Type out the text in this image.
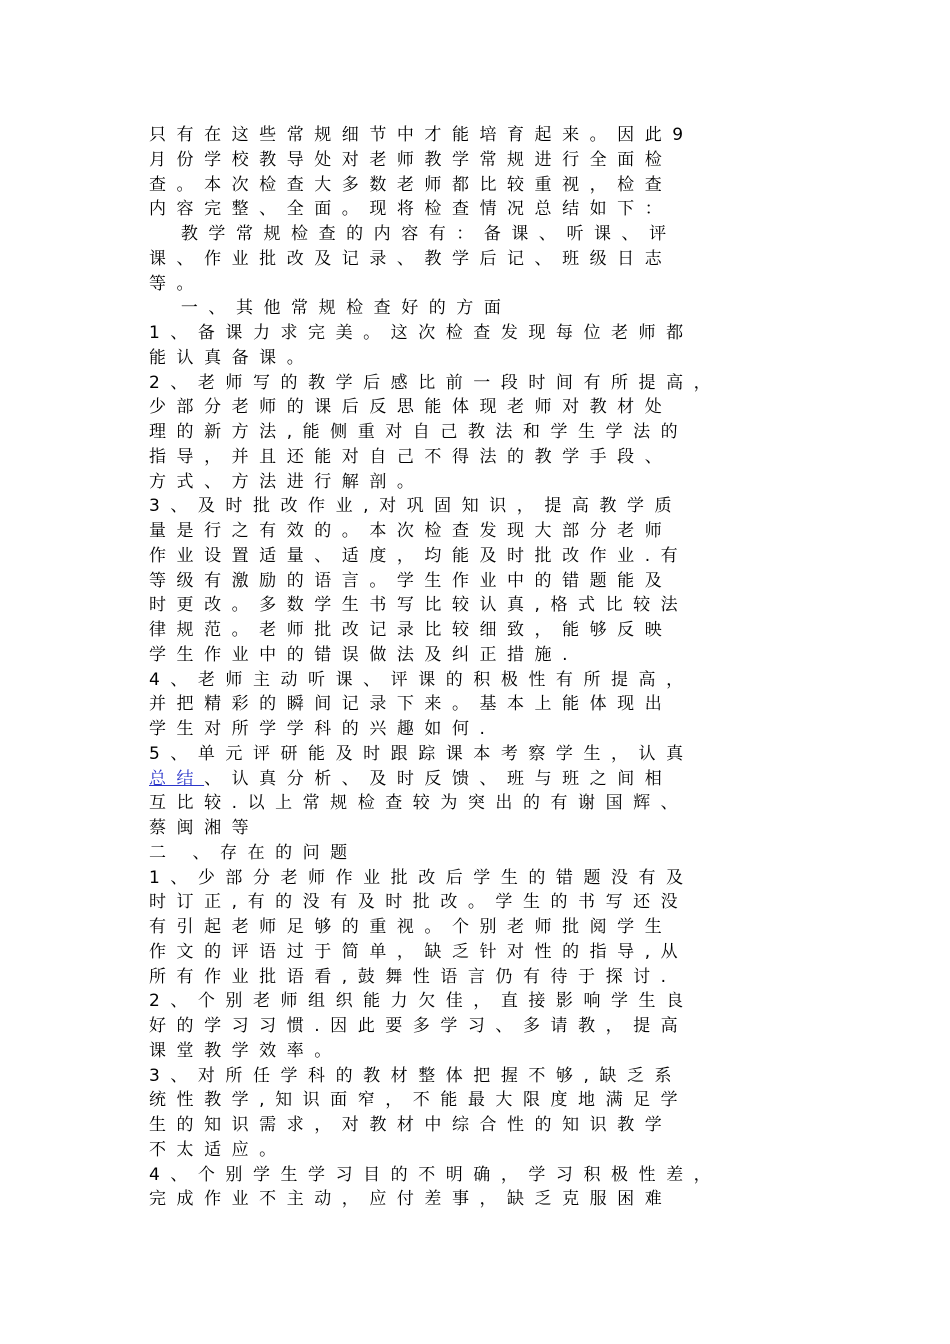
只有在这些常规细节中才能培育起来。因此9
月份学校教导处对老师教学常规进行全面检
查。本次检查大多数老师都比较重视，检查
内容完整、全面。现将检查情况总结如下：
教学常规检查的内容有：备课、听课、评
课、作业批改及记录、教学后记、班级日志
等。
一、其他常规检查好的方面
1、备课力求完美。这次检查发现每位老师都
能认真备课。
2、老师写的教学后感比前一段时间有所提高，
少部分老师的课后反思能体现老师对教材处
理的新方法,能侧重对自己教法和学生学法的
指导，并且还能对自己不得法的教学手段、
方式、方法进行解剖。
3、及时批改作业,对巩固知识，提高教学质
量是行之有效的。本次检查发现大部分老师
作业设置适量、适度，均能及时批改作业.有
等级有激励的语言。学生作业中的错题能及
时更改。多数学生书写比较认真,格式比较法
律规范。老师批改记录比较细致，能够反映
学生作业中的错误做法及纠正措施.
4、老师主动听课、评课的积极性有所提高，
并把精彩的瞬间记录下来。基本上能体现出
学生对所学学科的兴趣如何.
5、单元评研能及时跟踪课本考察学生，认真
总结、认真分析、及时反馈、班与班之间相
互比较.以上常规检查较为突出的有谢国辉、
蔡闽湘等
二 、存在的问题
1、少部分老师作业批改后学生的错题没有及
时订正,有的没有及时批改。学生的书写还没
有引起老师足够的重视。个别老师批阅学生
作文的评语过于简单，缺乏针对性的指导,从
所有作业批语看,鼓舞性语言仍有待于探讨.
2、个别老师组织能力欠佳，直接影响学生良
好的学习习惯.因此要多学习、多请教，提高
课堂教学效率。
3、对所任学科的教材整体把握不够,缺乏系
统性教学,知识面窄，不能最大限度地满足学
生的知识需求，对教材中综合性的知识教学
不太适应。
4、个别学生学习目的不明确，学习积极性差，
完成作业不主动，应付差事，缺乏克服困难
